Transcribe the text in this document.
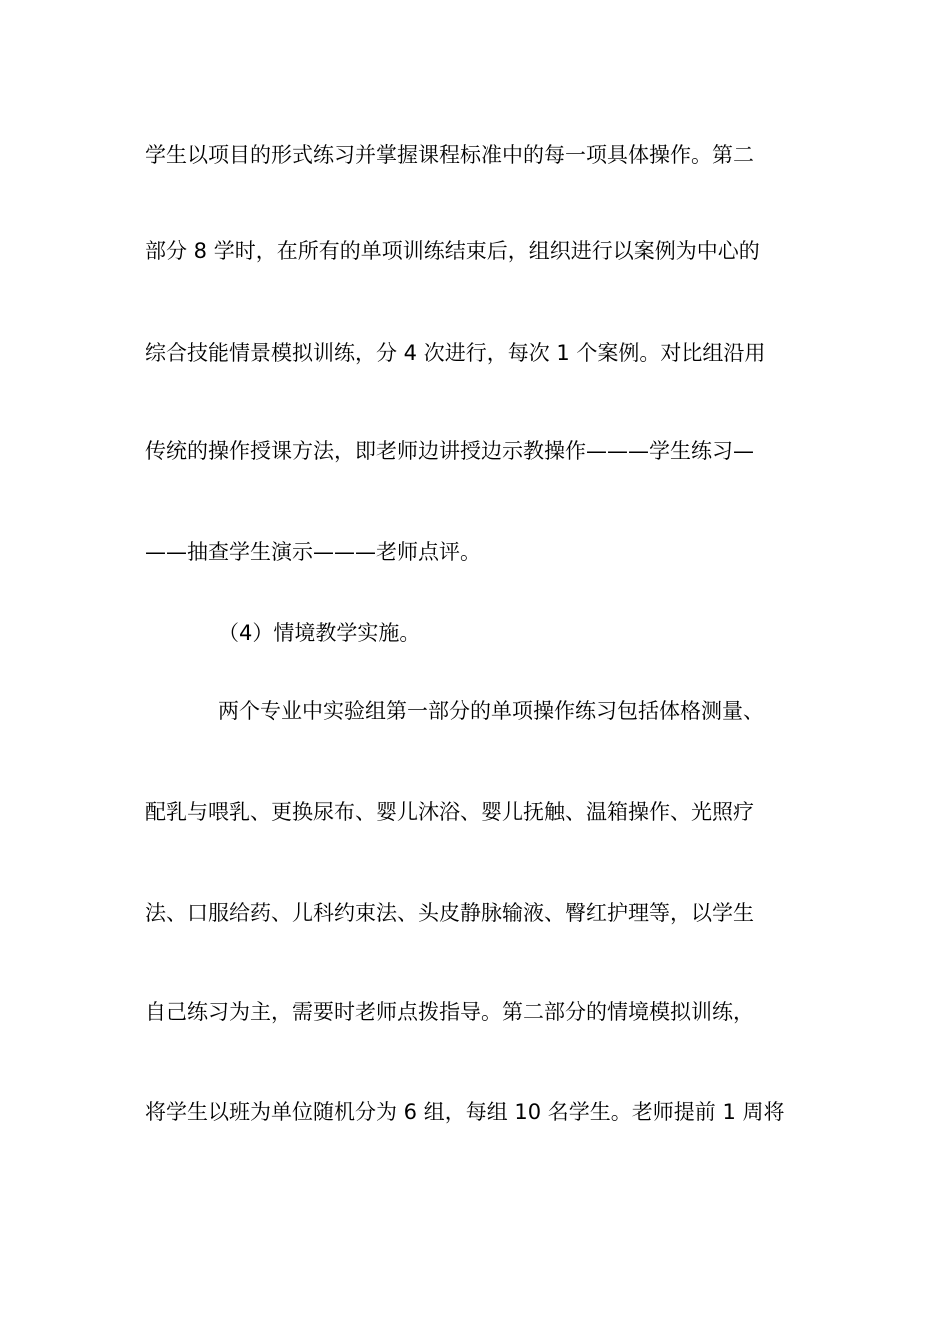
学生以项目的形式练习并掌握课程标准中的每一项具体操作。第二
部分 8 学时，在所有的单项训练结束后，组织进行以案例为中心的
综合技能情景模拟训练，分 4 次进行，每次 1 个案例。对比组沿用
传统的操作授课方法，即老师边讲授边示教操作———学生练习—
——抽查学生演示———老师点评。
（4）情境教学实施。
两个专业中实验组第一部分的单项操作练习包括体格测量、
配乳与喂乳、更换尿布、婴儿沐浴、婴儿抚触、温箱操作、光照疗
法、口服给药、儿科约束法、头皮静脉输液、臀红护理等，以学生
自己练习为主，需要时老师点拨指导。第二部分的情境模拟训练，
将学生以班为单位随机分为 6 组，每组 10 名学生。老师提前 1 周将
